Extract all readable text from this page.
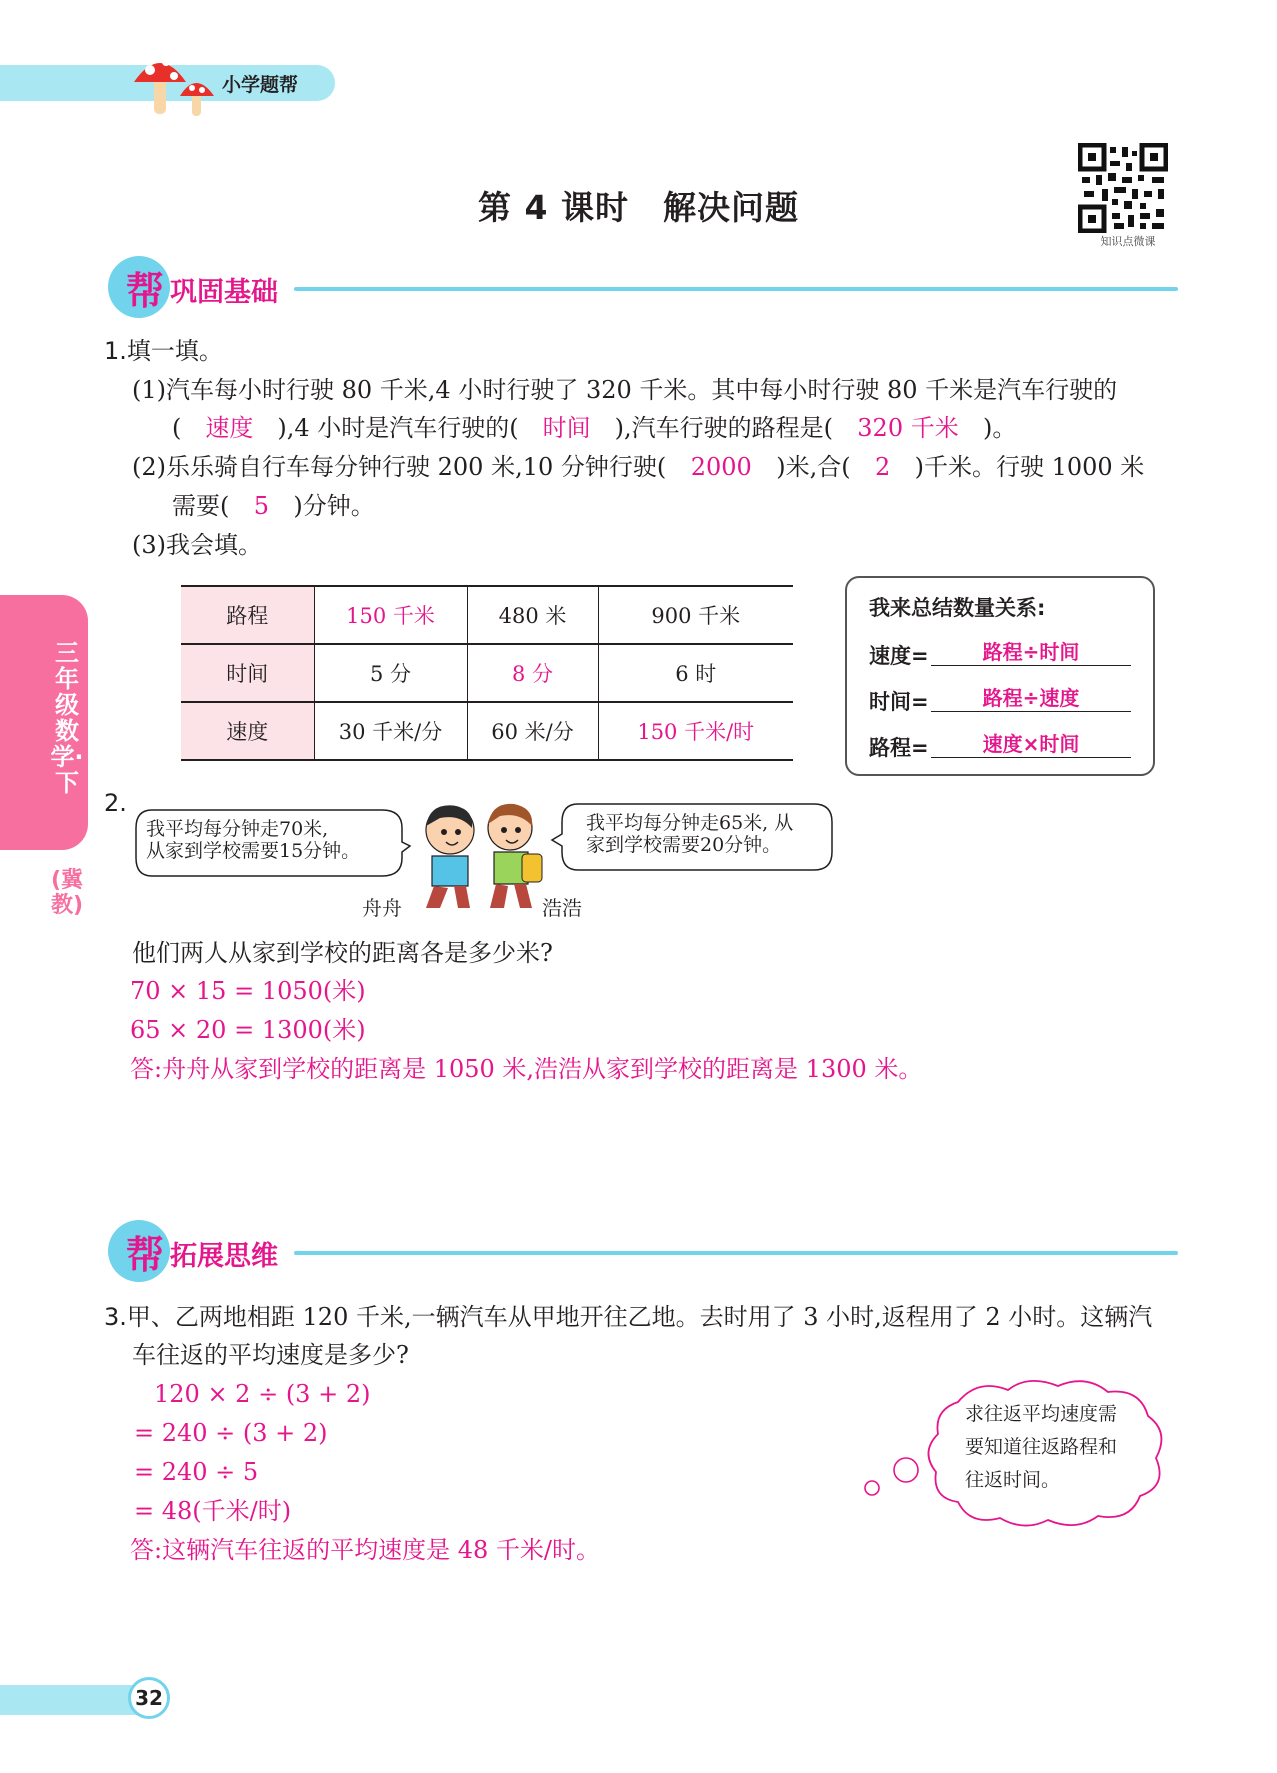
小学题帮
第 4 课时　解决问题
知识点微课
三年级数学·下
(冀教)
帮 巩固基础
1.填一填。
(1)汽车每小时行驶 80 千米,4 小时行驶了 320 千米。其中每小时行驶 80 千米是汽车行驶的
( 速度 ),4 小时是汽车行驶的( 时间 ),汽车行驶的路程是( 320 千米 )。
(2)乐乐骑自行车每分钟行驶 200 米,10 分钟行驶( 2000 )米,合( 2 )千米。行驶 1000 米
需要( 5 )分钟。
(3)我会填。
路程	150 千米	480 米	900 千米
时间	5 分	8 分	6 时
速度	30 千米/分	60 米/分	150 千米/时
我来总结数量关系:
速度=	路程÷时间
时间=	路程÷速度
路程=	速度×时间
2.
我平均每分钟走70米,
从家到学校需要15分钟。
我平均每分钟走65米, 从
家到学校需要20分钟。
舟舟	浩浩
他们两人从家到学校的距离各是多少米?
70 × 15 = 1050(米)
65 × 20 = 1300(米)
答:舟舟从家到学校的距离是 1050 米,浩浩从家到学校的距离是 1300 米。
帮 拓展思维
3.甲、乙两地相距 120 千米,一辆汽车从甲地开往乙地。去时用了 3 小时,返程用了 2 小时。这辆汽
车往返的平均速度是多少?
120 × 2 ÷ (3 + 2)
= 240 ÷ (3 + 2)
= 240 ÷ 5
= 48(千米/时)
答:这辆汽车往返的平均速度是 48 千米/时。
求往返平均速度需
要知道往返路程和
往返时间。
32
